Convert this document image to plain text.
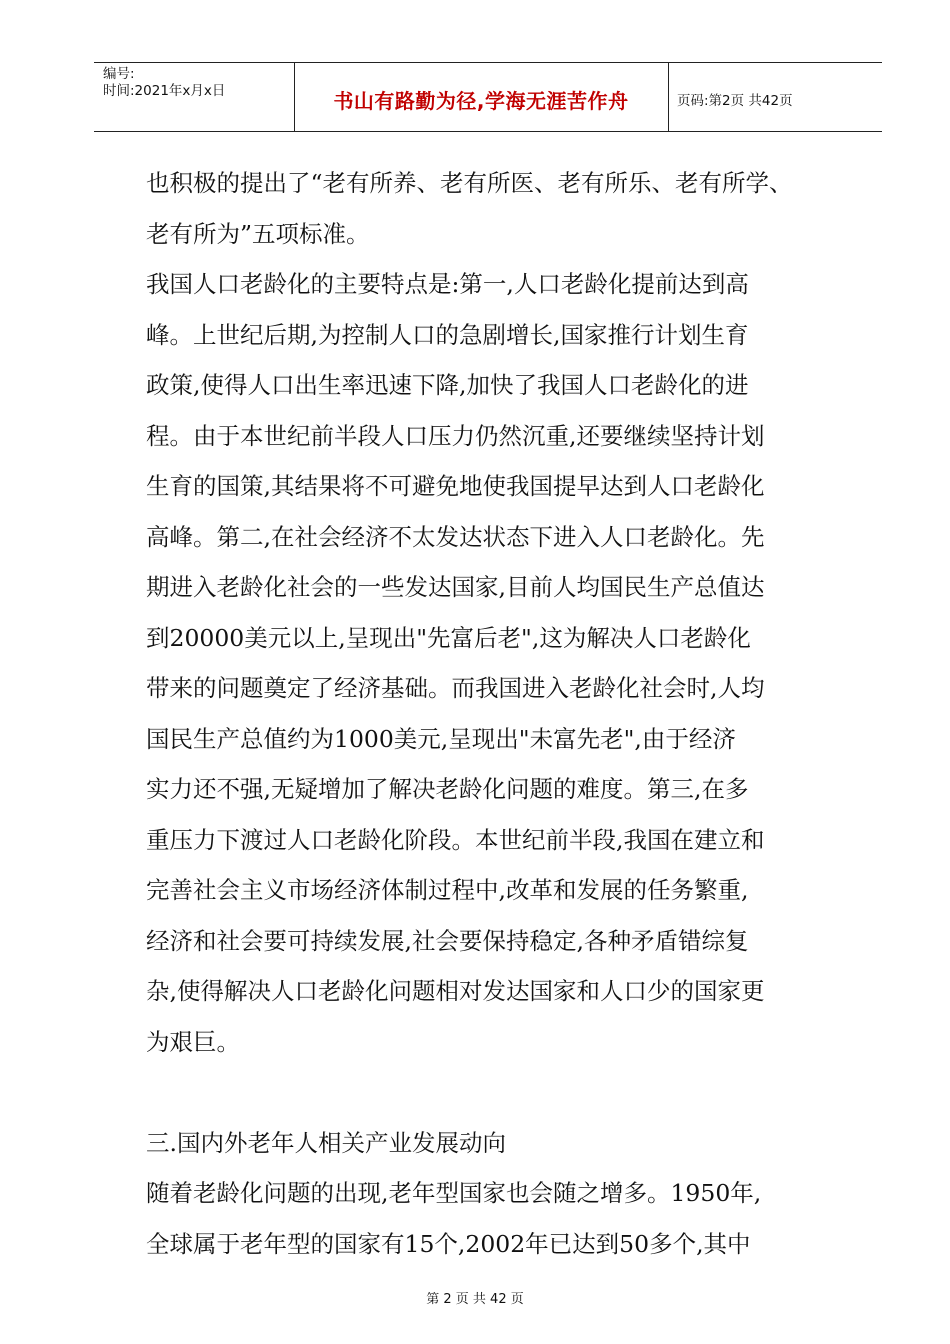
编号:
时间:2021年x月x日	书山有路勤为径,学海无涯苦作舟	页码:第2页 共42页

也积极的提出了“老有所养、老有所医、老有所乐、老有所学、

老有所为”五项标准。

我国人口老龄化的主要特点是:第一,人口老龄化提前达到高

峰。上世纪后期,为控制人口的急剧增长,国家推行计划生育

政策,使得人口出生率迅速下降,加快了我国人口老龄化的进

程。由于本世纪前半段人口压力仍然沉重,还要继续坚持计划

生育的国策,其结果将不可避免地使我国提早达到人口老龄化

高峰。第二,在社会经济不太发达状态下进入人口老龄化。先

期进入老龄化社会的一些发达国家,目前人均国民生产总值达

到20000美元以上,呈现出"先富后老",这为解决人口老龄化

带来的问题奠定了经济基础。而我国进入老龄化社会时,人均

国民生产总值约为1000美元,呈现出"未富先老",由于经济

实力还不强,无疑增加了解决老龄化问题的难度。第三,在多

重压力下渡过人口老龄化阶段。本世纪前半段,我国在建立和

完善社会主义市场经济体制过程中,改革和发展的任务繁重,

经济和社会要可持续发展,社会要保持稳定,各种矛盾错综复

杂,使得解决人口老龄化问题相对发达国家和人口少的国家更

为艰巨。

三.国内外老年人相关产业发展动向

随着老龄化问题的出现,老年型国家也会随之增多。1950年,

全球属于老年型的国家有15个,2002年已达到50多个,其中

第 2 页 共 42 页
